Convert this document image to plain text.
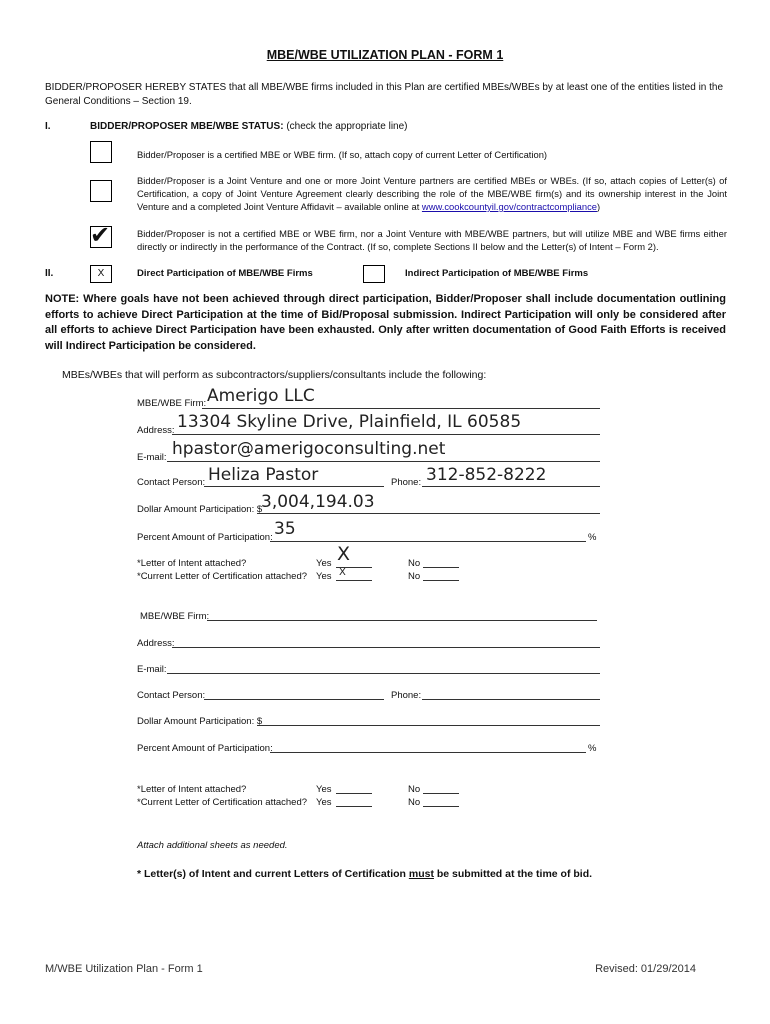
MBE/WBE UTILIZATION PLAN - FORM 1
BIDDER/PROPOSER HEREBY STATES that all MBE/WBE firms included in this Plan are certified MBEs/WBEs by at least one of the entities listed in the General Conditions – Section 19.
I.	BIDDER/PROPOSER MBE/WBE STATUS: (check the appropriate line)
Bidder/Proposer is a certified MBE or WBE firm. (If so, attach copy of current Letter of Certification)
Bidder/Proposer is a Joint Venture and one or more Joint Venture partners are certified MBEs or WBEs. (If so, attach copies of Letter(s) of Certification, a copy of Joint Venture Agreement clearly describing the role of the MBE/WBE firm(s) and its ownership interest in the Joint Venture and a completed Joint Venture Affidavit – available online at www.cookcountyil.gov/contractcompliance)
✔	Bidder/Proposer is not a certified MBE or WBE firm, nor a Joint Venture with MBE/WBE partners, but will utilize MBE and WBE firms either directly or indirectly in the performance of the Contract. (If so, complete Sections II below and the Letter(s) of Intent – Form 2).
II.	X	Direct Participation of MBE/WBE Firms	Indirect Participation of MBE/WBE Firms
NOTE: Where goals have not been achieved through direct participation, Bidder/Proposer shall include documentation outlining efforts to achieve Direct Participation at the time of Bid/Proposal submission. Indirect Participation will only be considered after all efforts to achieve Direct Participation have been exhausted. Only after written documentation of Good Faith Efforts is received will Indirect Participation be considered.
MBEs/WBEs that will perform as subcontractors/suppliers/consultants include the following:
MBE/WBE Firm: Amerigo LLC
Address: 13304 Skyline Drive, Plainfield, IL 60585
E-mail: hpastor@amerigoconsulting.net
Contact Person: Heliza Pastor	Phone: 312-852-8222
Dollar Amount Participation: $
3,004,194.03
Percent Amount of Participation: 35	%
*Letter of Intent attached?	Yes X	No
*Current Letter of Certification attached? Yes X	No
MBE/WBE Firm:
Address:
E-mail:
Contact Person:	Phone:
Dollar Amount Participation: $
Percent Amount of Participation:	%
*Letter of Intent attached?	Yes	No
*Current Letter of Certification attached? Yes	No
Attach additional sheets as needed.
* Letter(s) of Intent and current Letters of Certification must be submitted at the time of bid.
M/WBE Utilization Plan - Form 1	Revised: 01/29/2014
